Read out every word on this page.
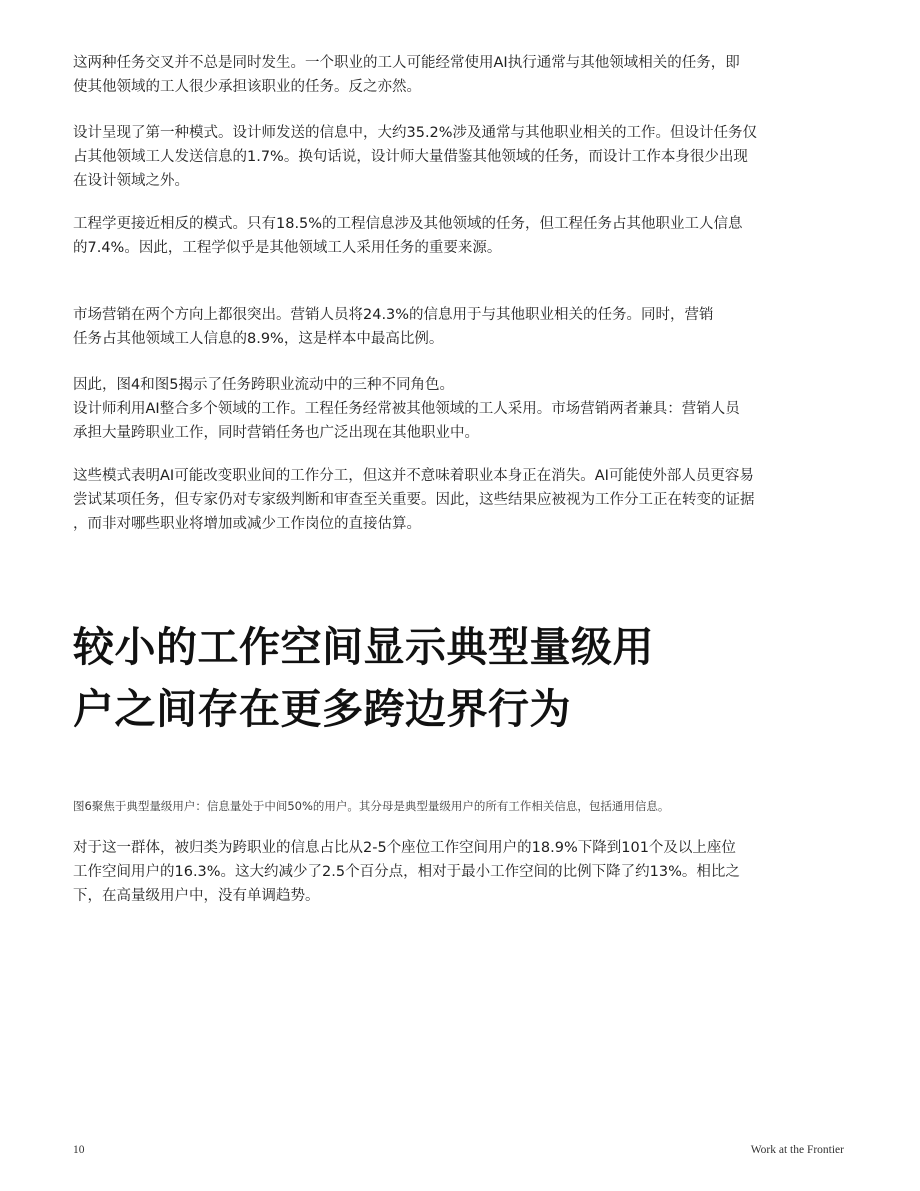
这两种任务交叉并不总是同时发生。一个职业的工人可能经常使用AI执行通常与其他领域相关的任务，即
使其他领域的工人很少承担该职业的任务。反之亦然。
设计呈现了第一种模式。设计师发送的信息中，大约35.2%涉及通常与其他职业相关的工作。但设计任务仅
占其他领域工人发送信息的1.7%。换句话说，设计师大量借鉴其他领域的任务，而设计工作本身很少出现
在设计领域之外。
工程学更接近相反的模式。只有18.5%的工程信息涉及其他领域的任务，但工程任务占其他职业工人信息
的7.4%。因此，工程学似乎是其他领域工人采用任务的重要来源。
市场营销在两个方向上都很突出。营销人员将24.3%的信息用于与其他职业相关的任务。同时，营销
任务占其他领域工人信息的8.9%，这是样本中最高比例。
因此，图4和图5揭示了任务跨职业流动中的三种不同角色。
设计师利用AI整合多个领域的工作。工程任务经常被其他领域的工人采用。市场营销两者兼具：营销人员
承担大量跨职业工作，同时营销任务也广泛出现在其他职业中。
这些模式表明AI可能改变职业间的工作分工，但这并不意味着职业本身正在消失。AI可能使外部人员更容易
尝试某项任务，但专家仍对专家级判断和审查至关重要。因此，这些结果应被视为工作分工正在转变的证据
，而非对哪些职业将增加或减少工作岗位的直接估算。
较小的工作空间显示典型量级用
户之间存在更多跨边界行为

图6聚焦于典型量级用户：信息量处于中间50%的用户。其分母是典型量级用户的所有工作相关信息，包括通用信息。

对于这一群体，被归类为跨职业的信息占比从2-5个座位工作空间用户的18.9%下降到101个及以上座位
工作空间用户的16.3%。这大约减少了2.5个百分点，相对于最小工作空间的比例下降了约13%。相比之
下，在高量级用户中，没有单调趋势。
10	Work at the Frontier
